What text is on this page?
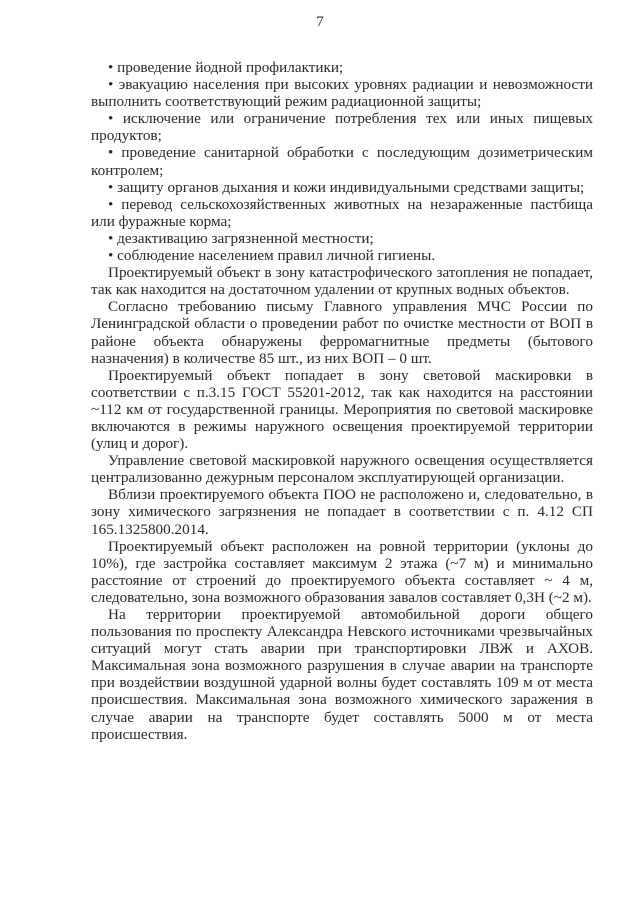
7

• проведение йодной профилактики;

• эвакуацию населения при высоких уровнях радиации и невозможности выполнить соответствующий режим радиационной защиты;

• исключение или ограничение потребления тех или иных пищевых продуктов;

• проведение санитарной обработки с последующим дозиметрическим контролем;

• защиту органов дыхания и кожи индивидуальными средствами защиты;

• перевод сельскохозяйственных животных на незараженные пастбища или фуражные корма;

• дезактивацию загрязненной местности;

• соблюдение населением правил личной гигиены.

Проектируемый объект в зону катастрофического затопления не попадает, так как находится на достаточном удалении от крупных водных объектов.

Согласно требованию письму Главного управления МЧС России по Ленинградской области о проведении работ по очистке местности от ВОП в районе объекта обнаружены ферромагнитные предметы (бытового назначения) в количестве 85 шт., из них ВОП – 0 шт.

Проектируемый объект попадает в зону световой маскировки в соответствии с п.3.15 ГОСТ 55201-2012, так как находится на расстоянии ~112 км от государственной границы. Мероприятия по световой маскировке включаются в режимы наружного освещения проектируемой территории (улиц и дорог).

Управление световой маскировкой наружного освещения осуществляется централизованно дежурным персоналом эксплуатирующей организации.

Вблизи проектируемого объекта ПОО не расположено и, следовательно, в зону химического загрязнения не попадает в соответствии с п. 4.12 СП 165.1325800.2014.

Проектируемый объект расположен на ровной территории (уклоны до 10%), где застройка составляет максимум 2 этажа (~7 м) и минимально расстояние от строений до проектируемого объекта составляет ~ 4 м, следовательно, зона возможного образования завалов составляет 0,3Н (~2 м).

На территории проектируемой автомобильной дороги общего пользования по проспекту Александра Невского источниками чрезвычайных ситуаций могут стать аварии при транспортировки ЛВЖ и АХОВ. Максимальная зона возможного разрушения в случае аварии на транспорте при воздействии воздушной ударной волны будет составлять 109 м от места происшествия. Максимальная зона возможного химического заражения в случае аварии на транспорте будет составлять 5000 м от места происшествия.
